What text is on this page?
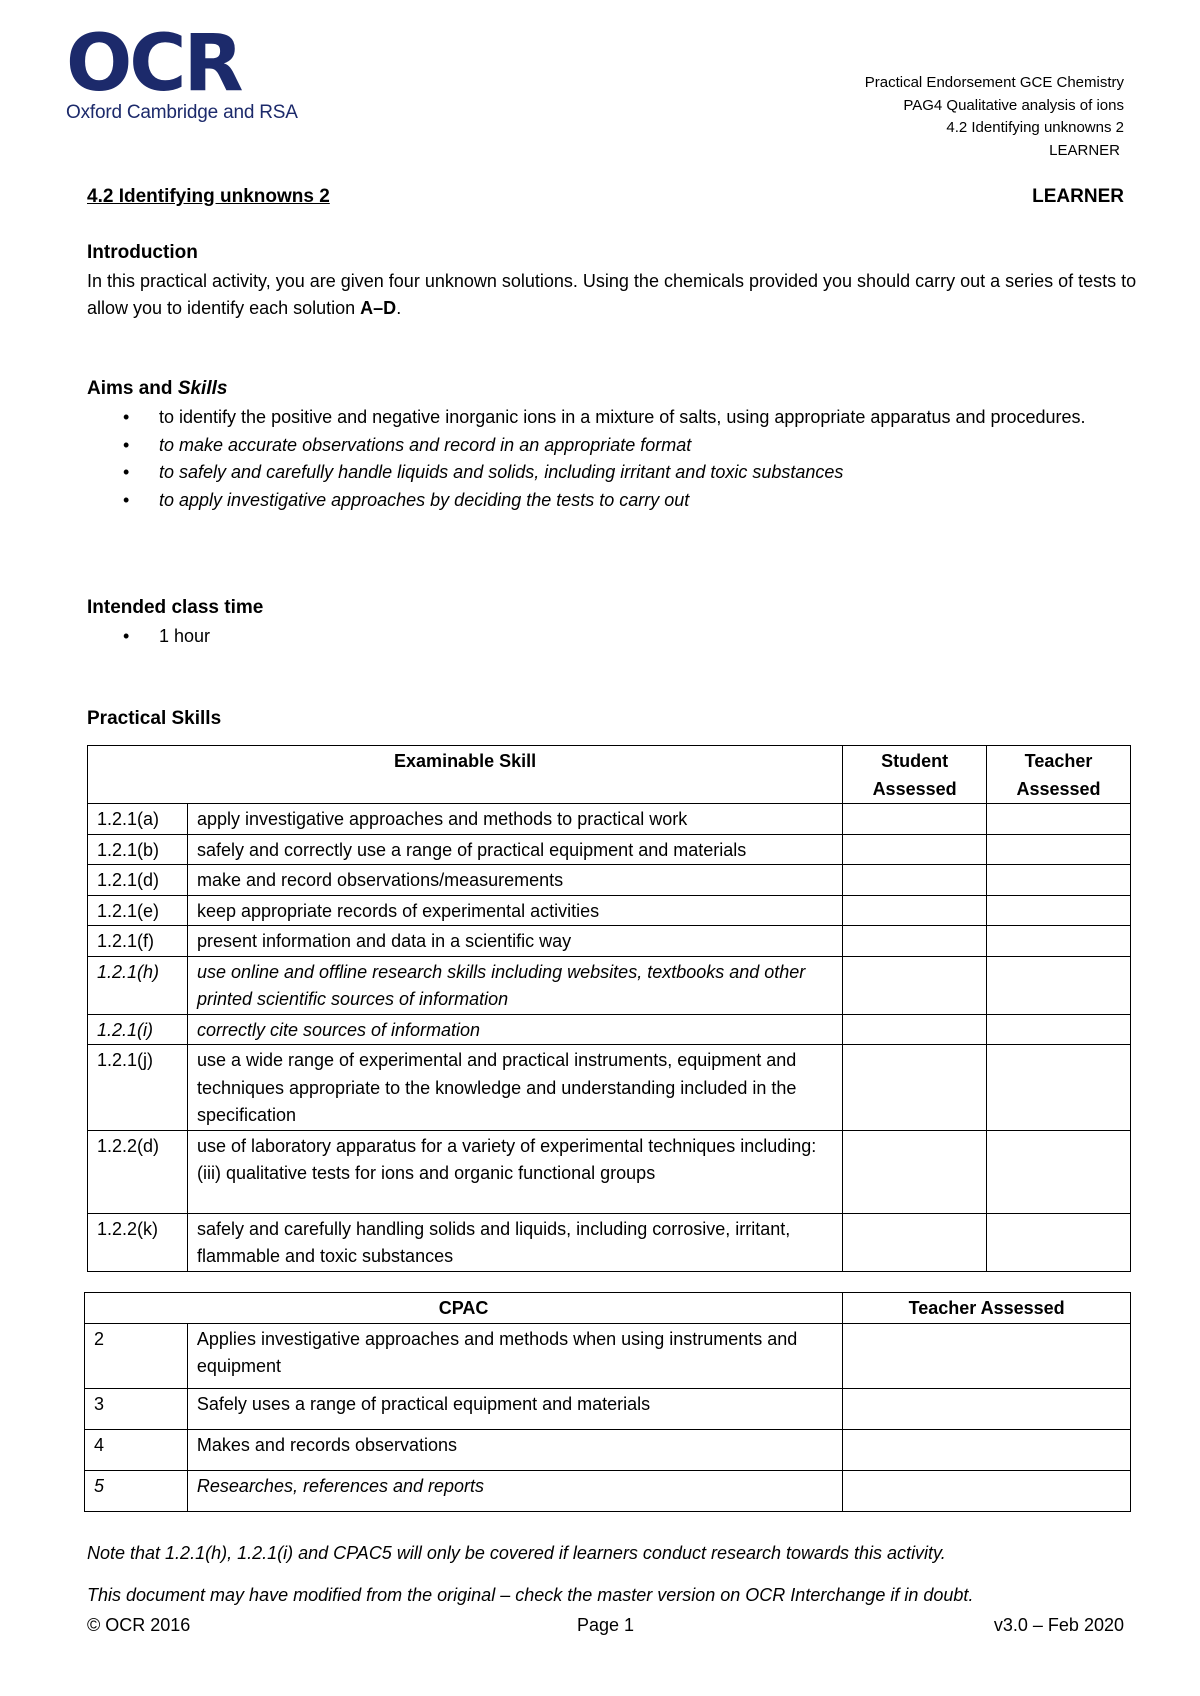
OCR
Oxford Cambridge and RSA
Practical Endorsement GCE Chemistry
PAG4 Qualitative analysis of ions
4.2 Identifying unknowns 2
LEARNER
4.2 Identifying unknowns 2	LEARNER
Introduction
In this practical activity, you are given four unknown solutions. Using the chemicals provided you should carry out a series of tests to allow you to identify each solution A–D.
Aims and Skills
• to identify the positive and negative inorganic ions in a mixture of salts, using appropriate apparatus and procedures.
• to make accurate observations and record in an appropriate format
• to safely and carefully handle liquids and solids, including irritant and toxic substances
• to apply investigative approaches by deciding the tests to carry out
Intended class time
• 1 hour
Practical Skills
Examinable Skill		Student Assessed	Teacher Assessed
1.2.1(a)	apply investigative approaches and methods to practical work		
1.2.1(b)	safely and correctly use a range of practical equipment and materials		
1.2.1(d)	make and record observations/measurements		
1.2.1(e)	keep appropriate records of experimental activities		
1.2.1(f)	present information and data in a scientific way		
1.2.1(h)	use online and offline research skills including websites, textbooks and other printed scientific sources of information		
1.2.1(i)	correctly cite sources of information		
1.2.1(j)	use a wide range of experimental and practical instruments, equipment and techniques appropriate to the knowledge and understanding included in the specification		
1.2.2(d)	use of laboratory apparatus for a variety of experimental techniques including: (iii) qualitative tests for ions and organic functional groups		
1.2.2(k)	safely and carefully handling solids and liquids, including corrosive, irritant, flammable and toxic substances		
CPAC		Teacher Assessed
2	Applies investigative approaches and methods when using instruments and equipment	
3	Safely uses a range of practical equipment and materials	
4	Makes and records observations	
5	Researches, references and reports	
Note that 1.2.1(h), 1.2.1(i) and CPAC5 will only be covered if learners conduct research towards this activity.
This document may have modified from the original – check the master version on OCR Interchange if in doubt.
© OCR 2016	Page 1	v3.0 – Feb 2020
